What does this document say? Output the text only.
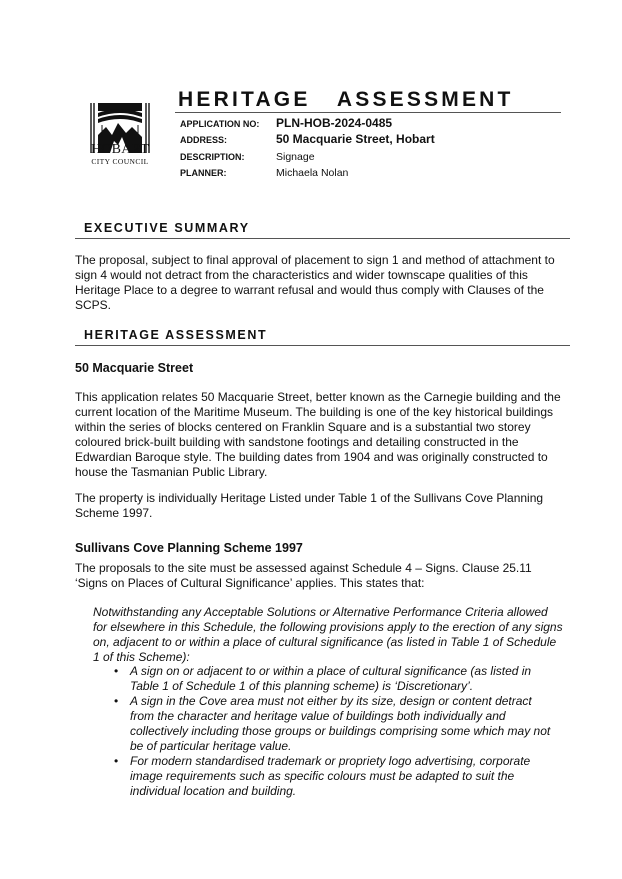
HOBART
CITY COUNCIL
HERITAGE   ASSESSMENT
APPLICATION NO:	PLN-HOB-2024-0485
ADDRESS:	50 Macquarie Street, Hobart
DESCRIPTION:	Signage
PLANNER:	Michaela Nolan
EXECUTIVE SUMMARY
The proposal, subject to final approval of placement to sign 1 and method of attachment to sign 4 would not detract from the characteristics and wider townscape qualities of this Heritage Place to a degree to warrant refusal and would thus comply with Clauses of the SCPS.
HERITAGE ASSESSMENT
50 Macquarie Street
This application relates 50 Macquarie Street, better known as the Carnegie building and the current location of the Maritime Museum. The building is one of the key historical buildings within the series of blocks centered on Franklin Square and is a substantial two storey coloured brick-built building with sandstone footings and detailing constructed in the Edwardian Baroque style. The building dates from 1904 and was originally constructed to house the Tasmanian Public Library.
The property is individually Heritage Listed under Table 1 of the Sullivans Cove Planning Scheme 1997.
Sullivans Cove Planning Scheme 1997
The proposals to the site must be assessed against Schedule 4 – Signs. Clause 25.11 ‘Signs on Places of Cultural Significance’ applies. This states that:
Notwithstanding any Acceptable Solutions or Alternative Performance Criteria allowed for elsewhere in this Schedule, the following provisions apply to the erection of any signs on, adjacent to or within a place of cultural significance (as listed in Table 1 of Schedule 1 of this Scheme):
• A sign on or adjacent to or within a place of cultural significance (as listed in Table 1 of Schedule 1 of this planning scheme) is ‘Discretionary’.
• A sign in the Cove area must not either by its size, design or content detract from the character and heritage value of buildings both individually and collectively including those groups or buildings comprising some which may not be of particular heritage value.
• For modern standardised trademark or propriety logo advertising, corporate image requirements such as specific colours must be adapted to suit the individual location and building.
